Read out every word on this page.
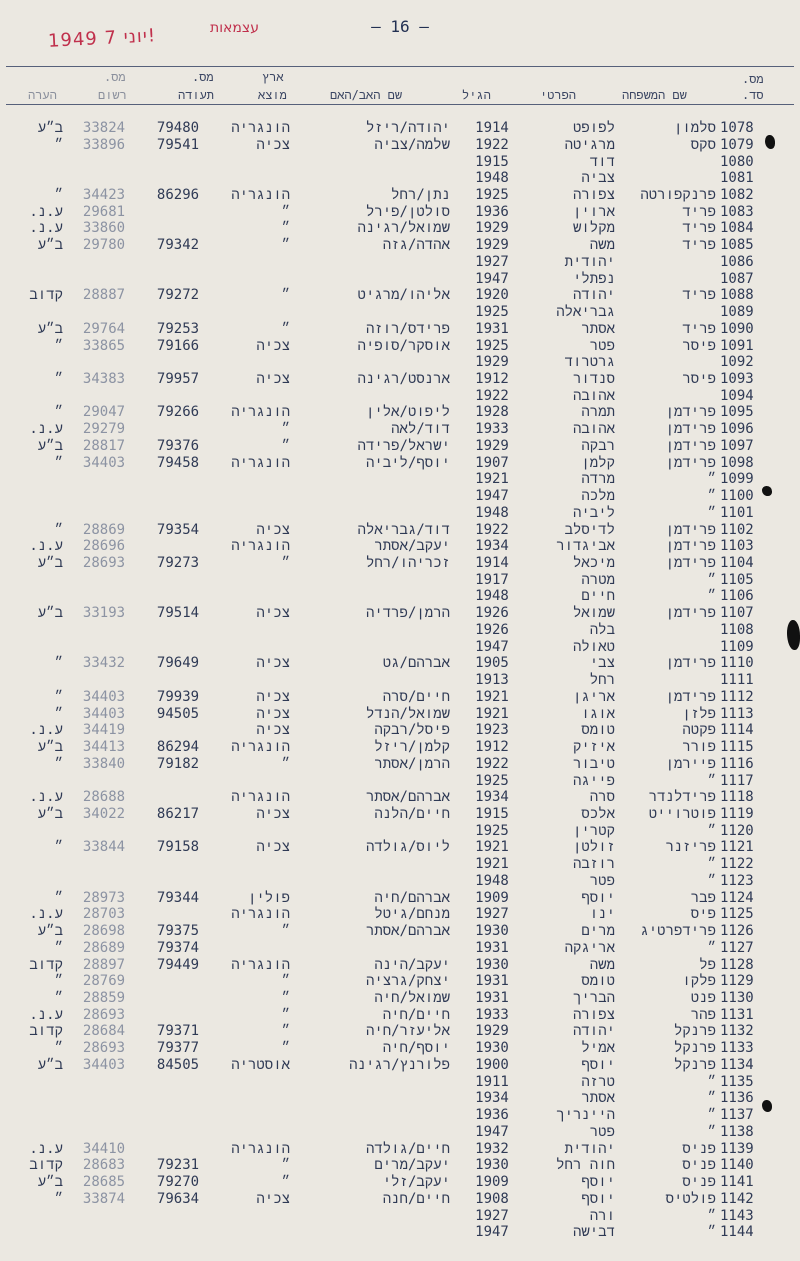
1949 יוני 7!	עצמאות	– 16 –
מס.
סד.
שם המשפחה
הפרטי
הגיל
שם האב/האם
ארץ
מוצא
מס.
תעודה
מס.
רשום
הערה
1078
סלמון
לפופט
1914
יהודה/ריזל
הונגריה
79480
33824
ב״ע
1079
סקס
מרגיטה
1922
שלמה/צביה
צכיה
79541
33896
״
1080
דוד
1915
1081
צביה
1948
1082
פרנקפורטה
צפורה
1925
נתן/רחל
הונגריה
86296
34423
״
1083
פריד
ארוין
1936
סולטן/פירל
״
29681
ע.נ.
1084
פריד
מקלוש
1929
שמואל/רגינה
״
33860
ע.נ.
1085
פריד
משה
1929
אהדה/גזה
״
79342
29780
ב״ע
1086
יהודית
1927
1087
נפתלי
1947
1088
פריד
יהודה
1920
אליהו/מרגיט
״
79272
28887
קדוב
1089
גבריאלה
1925
1090
פריד
אסתר
1931
פרידס/רוזה
״
79253
29764
ב״ע
1091
פיסר
פטר
1925
אוסקר/סופיה
צכיה
79166
33865
״
1092
גרטרוד
1929
1093
פיסר
סנדור
1912
ארנסט/רגינה
צכיה
79957
34383
״
1094
אהובה
1922
1095
פרידמן
תמרה
1928
ליפוט/אלין
הונגריה
79266
29047
״
1096
פרידמן
אהובה
1933
דוד/לאה
״
29279
ע.נ.
1097
פרידמן
רבקה
1929
ישראל/פרידה
״
79376
28817
ב״ע
1098
פרידמן
קלמן
1907
יוסף/ליביה
הונגריה
79458
34403
״
1099
״
מרדה
1921
1100
״
מלכה
1947
1101
״
ליביה
1948
1102
פרידמן
לדיסלב
1922
דוד/גבריאלה
צכיה
79354
28869
״
1103
פרידמן
אביגדור
1934
יעקב/אסתר
הונגריה
28696
ע.נ.
1104
פרידמן
מיכאל
1914
זכריהו/רחל
״
79273
28693
ב״ע
1105
״
מטרה
1917
1106
״
חיים
1948
1107
פרידמן
שמואל
1926
הרמן/פרדיה
צכיה
79514
33193
ב״ע
1108
בלה
1926
1109
טאולה
1947
1110
פרידמן
צבי
1905
אברהם/גט
צכיה
79649
33432
״
1111
רחל
1913
1112
פרידמן
אריגן
1921
חיים/סרה
צכיה
79939
34403
״
1113
פלזן
אוגו
1921
שמואל/הנדל
צכיה
94505
34403
״
1114
פקטה
טומס
1923
פיסל/רבקה
צכיה
34419
ע.נ.
1115
פורר
איזיק
1912
קלמן/ריזל
הונגריה
86294
34413
ב״ע
1116
פיירמן
טיבור
1922
הרמן/אסתר
״
79182
33840
״
1117
״
פייגה
1925
1118
פרידלנדר
סרה
1934
אברהם/אסתר
הונגריה
28688
ע.נ.
1119
פוטרוייט
אלכס
1915
חיים/הלנה
צכיה
86217
34022
ב״ע
1120
״
קטרין
1925
1121
פריזנר
זולטן
1921
ליוס/גולדה
צכיה
79158
33844
״
1122
״
רוזבה
1921
1123
״
פטר
1948
1124
פבר
יוסף
1909
אברהם/חיה
פולין
79344
28973
״
1125
פיס
ינו
1927
מנחם/גיטל
הונגריה
28703
ע.נ.
1126
פרידפרטיג
מרים
1930
אברהם/אסתר
״
79375
28698
ב״ע
1127
״
אריגקה
1931
79374
28689
״
1128
פל
משה
1930
יעקב/הינה
הונגריה
79449
28897
קדוב
1129
פלקו
טומס
1931
יצחק/גרציה
״
28769
״
1130
פנט
הבריך
1931
שמואל/חיה
״
28859
״
1131
פהר
צפורה
1933
חיים/חיה
״
28693
ע.נ.
1132
פרנקל
יהודה
1929
אליעזר/חיה
״
79371
28684
קדוב
1133
פרנקל
אמיל
1930
יוסף/חיה
״
79377
28693
״
1134
פרנקל
יוסף
1900
פלורנץ/רגינה
אוסטריה
84505
34403
ב״ע
1135
״
טרזה
1911
1136
״
אסתר
1934
1137
״
היינריך
1936
1138
״
פטר
1947
1139
פניס
יהודית
1932
חיים/גולדה
הונגריה
34410
ע.נ.
1140
פניס
חוה רחל
1930
יעקב/מרים
״
79231
28683
קדוב
1141
פניס
יוסף
1909
יעקב/זלי
״
79270
28685
ב״ע
1142
פולטיס
יוסף
1908
חיים/חנה
צכיה
79634
33874
״
1143
״
ורה
1927
1144
״
דבישה
1947
